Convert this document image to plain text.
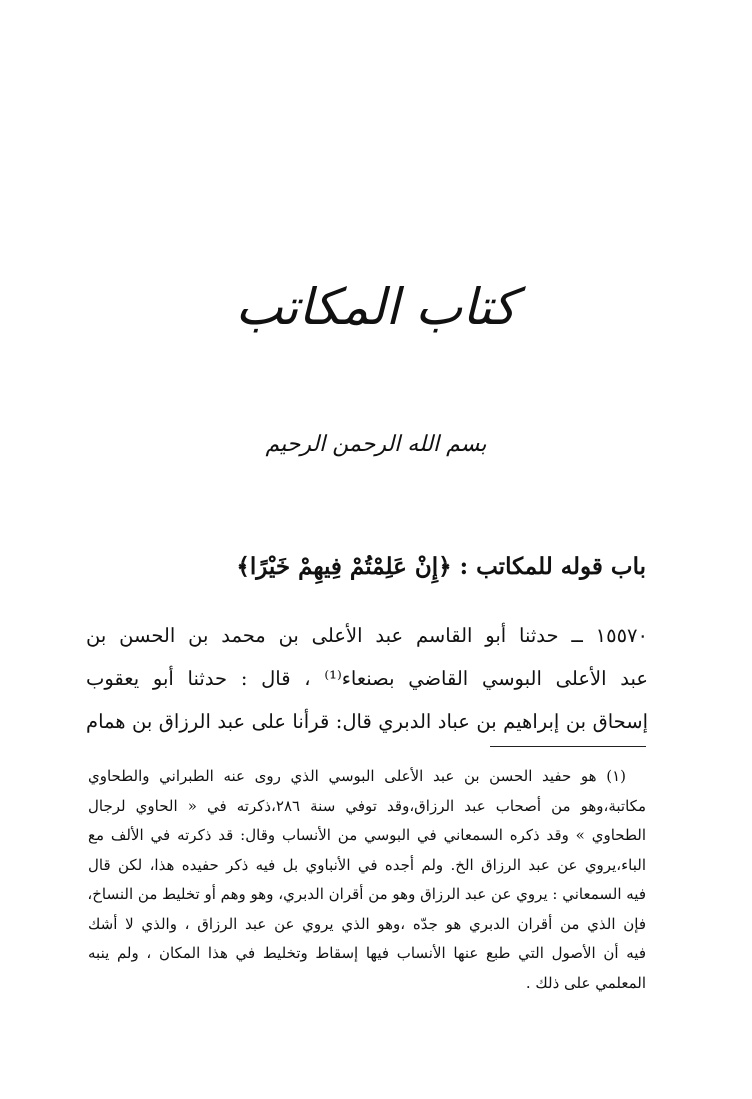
كتاب المكاتب
بسم الله الرحمن الرحيم
باب قوله للمكاتب : ﴿إِنْ عَلِمْتُمْ فِيهِمْ خَيْرًا﴾
١٥٥٧٠ ــ حدثنا أبو القاسم عبد الأعلى بن محمد بن الحسن بن
عبد الأعلى البوسي القاضي بصنعاء⁽¹⁾ ، قال : حدثنا أبو يعقوب
إسحاق بن إبراهيم بن عباد الدبري قال: قرأنا على عبد الرزاق بن همام
(١) هو حفيد الحسن بن عبد الأعلى البوسي الذي روى عنه الطبراني والطحاوي
مكاتبة،وهو من أصحاب عبد الرزاق،وقد توفي سنة ٢٨٦،ذكرته في « الحاوي لرجال
الطحاوي » وقد ذكره السمعاني في البوسي من الأنساب وقال: قد ذكرته في الألف مع
الباء،يروي عن عبد الرزاق الخ. ولم أجده في الأنباوي بل فيه ذكر حفيده هذا، لكن قال
فيه السمعاني : يروي عن عبد الرزاق وهو من أقران الدبري، وهو وهم أو تخليط من النساخ،
فإن الذي من أقران الدبري هو جدّه ،وهو الذي يروي عن عبد الرزاق ، والذي لا أشك
فيه أن الأصول التي طبع عنها الأنساب فيها إسقاط وتخليط في هذا المكان ، ولم ينبه
المعلمي على ذلك .
